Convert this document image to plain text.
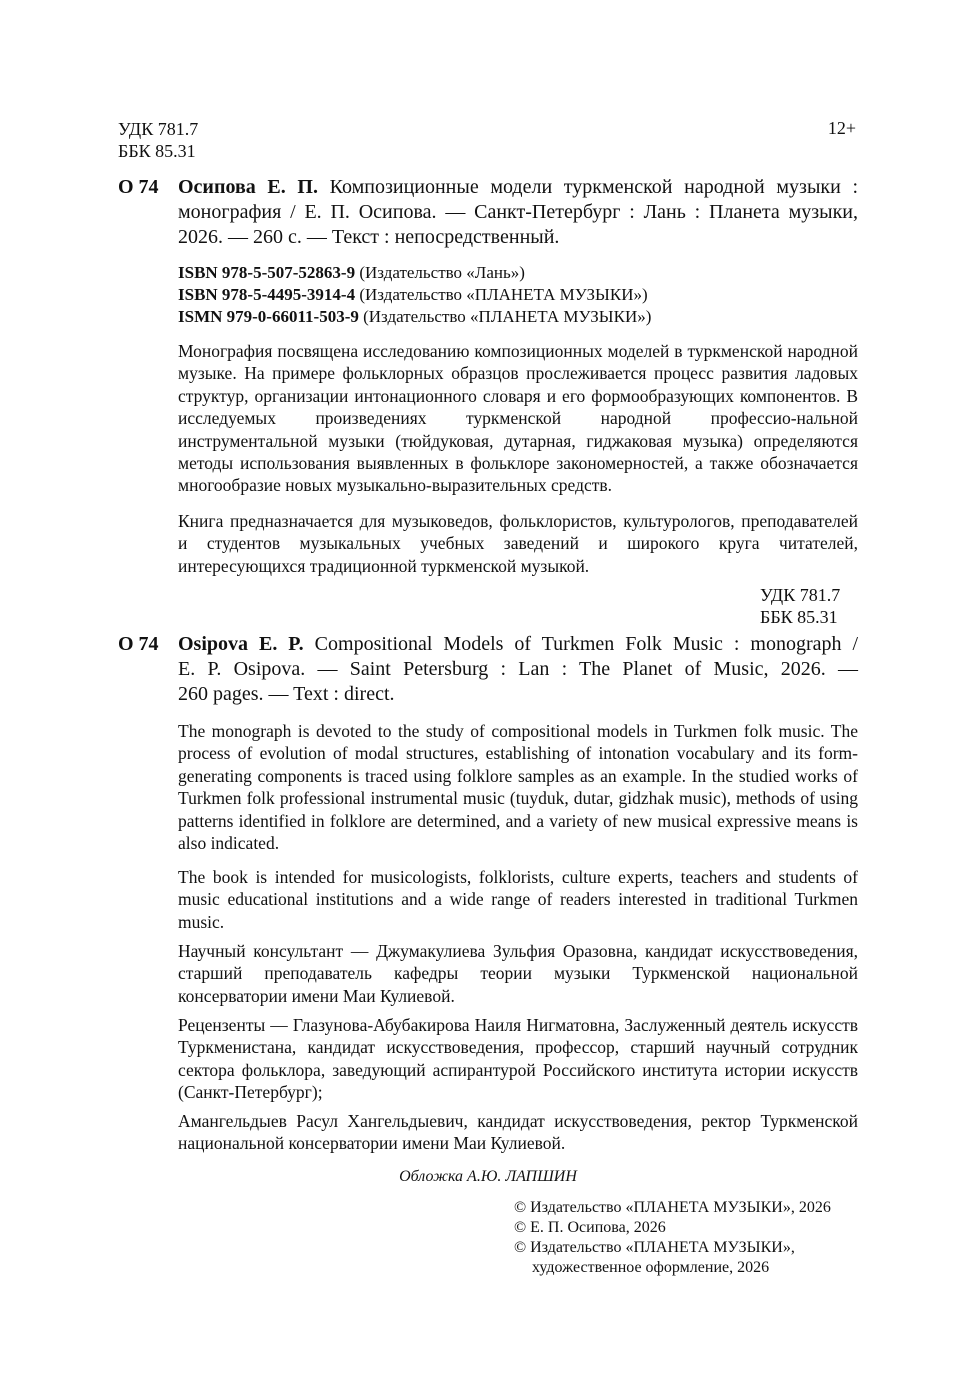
УДК 781.7
ББК 85.31
12+
О 74 Осипова Е. П. Композиционные модели туркменской народной музыки :
монография / Е. П. Осипова. — Санкт-Петербург : Лань : Планета музыки,
2026. — 260 с. — Текст : непосредственный.
ISBN 978-5-507-52863-9 (Издательство «Лань»)
ISBN 978-5-4495-3914-4 (Издательство «ПЛАНЕТА МУЗЫКИ»)
ISMN 979-0-66011-503-9 (Издательство «ПЛАНЕТА МУЗЫКИ»)

Монография посвящена исследованию композиционных моделей в туркменской народной музыке. На примере фольклорных образцов прослеживается процесс развития ладовых структур, организации интонационного словаря и его формообразующих компонентов. В исследуемых произведениях туркменской народной профессио-нальной инструментальной музыки (тюйдуковая, дутарная, гиджаковая музыка) определяются методы использования выявленных в фольклоре закономерностей, а также обозначается многообразие новых музыкально-выразительных средств.

Книга предназначается для музыковедов, фольклористов, культурологов, преподавателей и студентов музыкальных учебных заведений и широкого круга читателей, интересующихся традиционной туркменской музыкой.

УДК 781.7
ББК 85.31
О 74 Osipova E. P. Compositional Models of Turkmen Folk Music : monograph /
E. P. Osipova. — Saint Petersburg : Lan : The Planet of Music, 2026. —
260 pages. — Text : direct.

The monograph is devoted to the study of compositional models in Turkmen folk music. The process of evolution of modal structures, establishing of intonation vocabulary and its form-generating components is traced using folklore samples as an example. In the studied works of Turkmen folk professional instrumental music (tuyduk, dutar, gidzhak music), methods of using patterns identified in folklore are determined, and a variety of new musical expressive means is also indicated.

The book is intended for musicologists, folklorists, culture experts, teachers and students of music educational institutions and a wide range of readers interested in traditional Turkmen music.

Научный консультант — Джумакулиева Зульфия Оразовна, кандидат искусствоведения, старший преподаватель кафедры теории музыки Туркменской национальной консерватории имени Маи Кулиевой.

Рецензенты — Глазунова-Абубакирова Наиля Нигматовна, Заслуженный деятель искусств Туркменистана, кандидат искусствоведения, профессор, старший научный сотрудник сектора фольклора, заведующий аспирантурой Российского института истории искусств (Санкт-Петербург);

Амангельдыев Расул Хангельдыевич, кандидат искусствоведения, ректор Туркменской национальной консерватории имени Маи Кулиевой.

Обложка А.Ю. ЛАПШИН
© Издательство «ПЛАНЕТА МУЗЫКИ», 2026
© Е. П. Осипова, 2026
© Издательство «ПЛАНЕТА МУЗЫКИ»,
художественное оформление, 2026
